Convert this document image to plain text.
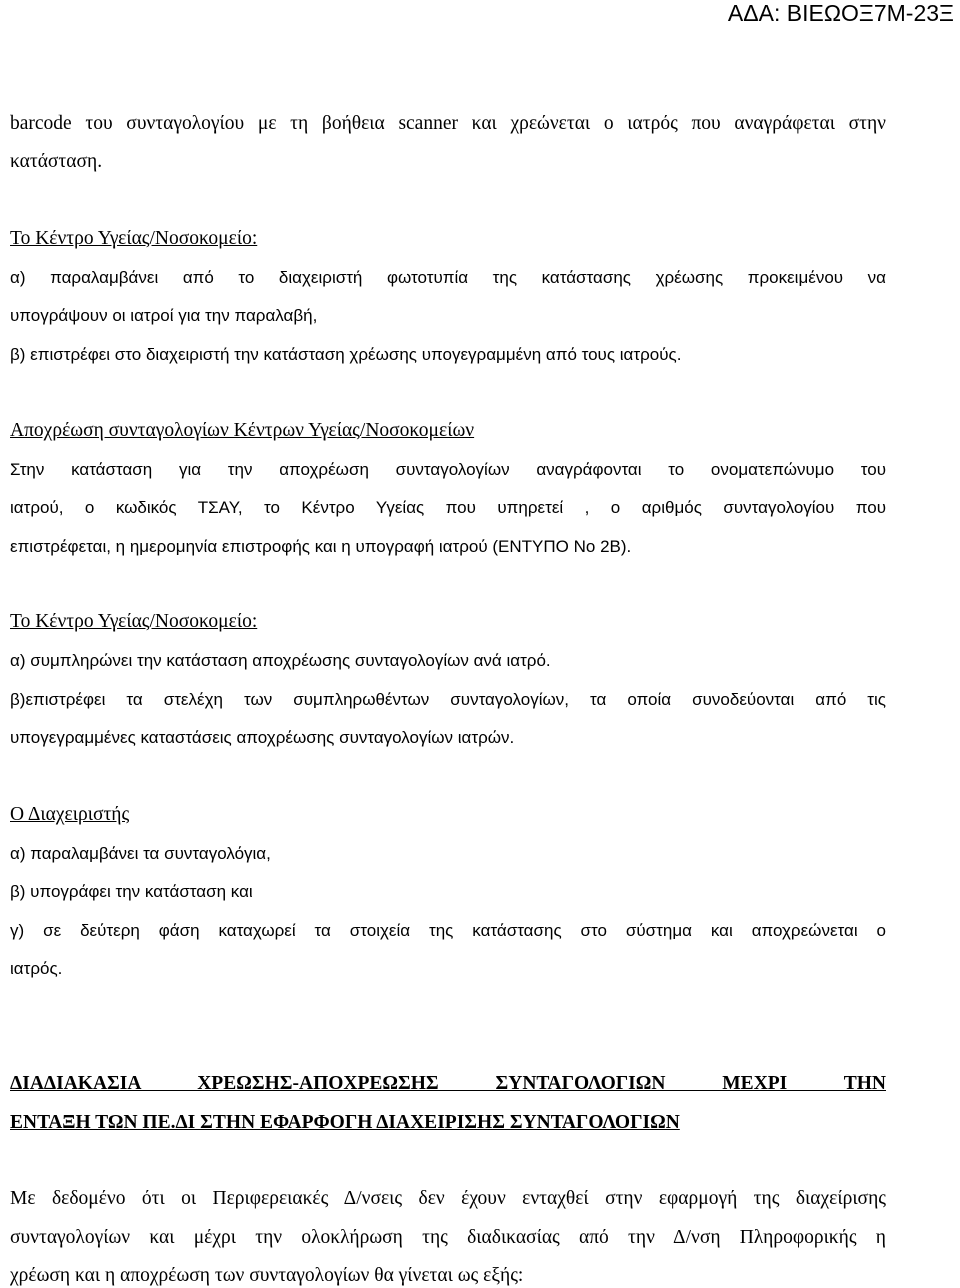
ΑΔΑ: ΒΙΕΩΟΞ7Μ-23Ξ
barcode του συνταγολογίου με τη βοήθεια scanner και χρεώνεται ο ιατρός που αναγράφεται στην
κατάσταση.
Το Κέντρο Υγείας/Νοσοκομείο:
α) παραλαμβάνει από το διαχειριστή φωτοτυπία της κατάστασης χρέωσης προκειμένου να
υπογράψουν οι ιατροί για την παραλαβή,
β) επιστρέφει στο διαχειριστή την κατάσταση χρέωσης υπογεγραμμένη από τους ιατρούς.
Αποχρέωση συνταγολογίων Κέντρων Υγείας/Νοσοκομείων
Στην κατάσταση για την αποχρέωση συνταγολογίων αναγράφονται το ονοματεπώνυμο του
ιατρού, ο κωδικός ΤΣΑΥ, το Κέντρο Υγείας που υπηρετεί , ο αριθμός συνταγολογίου που
επιστρέφεται, η ημερομηνία επιστροφής και η υπογραφή ιατρού (ΕΝΤΥΠΟ Νο 2Β).
Το Κέντρο Υγείας/Νοσοκομείο:
α) συμπληρώνει την κατάσταση αποχρέωσης συνταγολογίων ανά ιατρό.
β)επιστρέφει τα στελέχη των συμπληρωθέντων συνταγολογίων, τα οποία συνοδεύονται από τις
υπογεγραμμένες καταστάσεις αποχρέωσης συνταγολογίων ιατρών.
Ο Διαχειριστής
α) παραλαμβάνει τα συνταγολόγια,
β) υπογράφει την κατάσταση και
γ) σε δεύτερη φάση καταχωρεί τα στοιχεία της κατάστασης στο σύστημα και αποχρεώνεται ο
ιατρός.
ΔΙΑΔΙΑΚΑΣΙΑ ΧΡΕΩΣΗΣ-ΑΠΟΧΡΕΩΣΗΣ ΣΥΝΤΑΓΟΛΟΓΙΩΝ ΜΕΧΡΙ ΤΗΝ
ΕΝΤΑΞΗ ΤΩΝ ΠΕ.ΔΙ ΣΤΗΝ ΕΦΑΡΦΟΓΗ ΔΙΑΧΕΙΡΙΣΗΣ ΣΥΝΤΑΓΟΛΟΓΙΩΝ
Με δεδομένο ότι οι Περιφερειακές Δ/νσεις δεν έχουν ενταχθεί στην εφαρμογή της διαχείρισης
συνταγολογίων και μέχρι την ολοκλήρωση της διαδικασίας από την Δ/νση Πληροφορικής η
χρέωση και η αποχρέωση των συνταγολογίων θα γίνεται ως εξής:
